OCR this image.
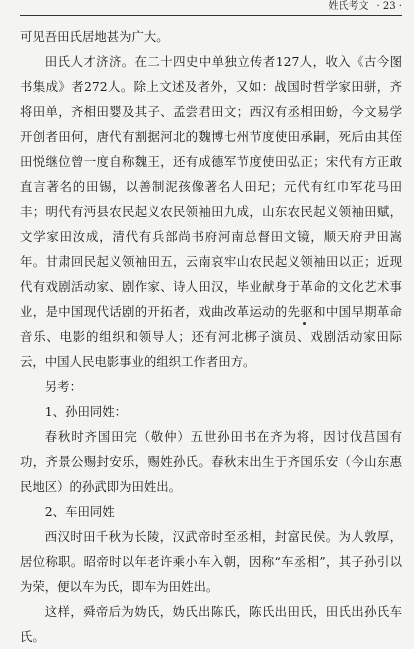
姓氏考文 · 23 ·

可见吾田氏居地甚为广大。

田氏人才济济。在二十四史中单独立传者127人，收入《古今图书集成》者272人。除上文述及者外，又如：战国时哲学家田骈，齐将田单，齐相田婴及其子、孟尝君田文；西汉有丞相田蚡，今文易学开创者田何，唐代有割据河北的魏博七州节度使田承嗣，死后由其侄田悦继位曾一度自称魏王，还有成德军节度使田弘正；宋代有方正敢直言著名的田锡，以善制泥孩像著名人田玘；元代有红巾军花马田丰；明代有沔县农民起义农民领袖田九成，山东农民起义领袖田赋，文学家田汝成，清代有兵部尚书府河南总督田文镜，顺天府尹田嵩年。甘肃回民起义领袖田五，云南哀牢山农民起义领袖田以正；近现代有戏剧活动家、剧作家、诗人田汉，毕业献身于革命的文化艺术事业，是中国现代话剧的开拓者，戏曲改革运动的先驱和中国早期革命音乐、电影的组织和领导人；还有河北梆子演员、戏剧活动家田际云，中国人民电影事业的组织工作者田方。

另考：

1、孙田同姓：

春秋时齐国田完（敬仲）五世孙田书在齐为将，因讨伐莒国有功，齐景公赐封安乐，赐姓孙氏。春秋末出生于齐国乐安（今山东惠民地区）的孙武即为田姓出。

2、车田同姓

西汉时田千秋为长陵，汉武帝时至丞相，封富民侯。为人敦厚，居位称职。昭帝时以年老许乘小车入朝，因称“车丞相”，其子孙引以为荣，便以车为氏，即车为田姓出。

这样，舜帝后为妫氏，妫氏出陈氏，陈氏出田氏，田氏出孙氏车氏。
